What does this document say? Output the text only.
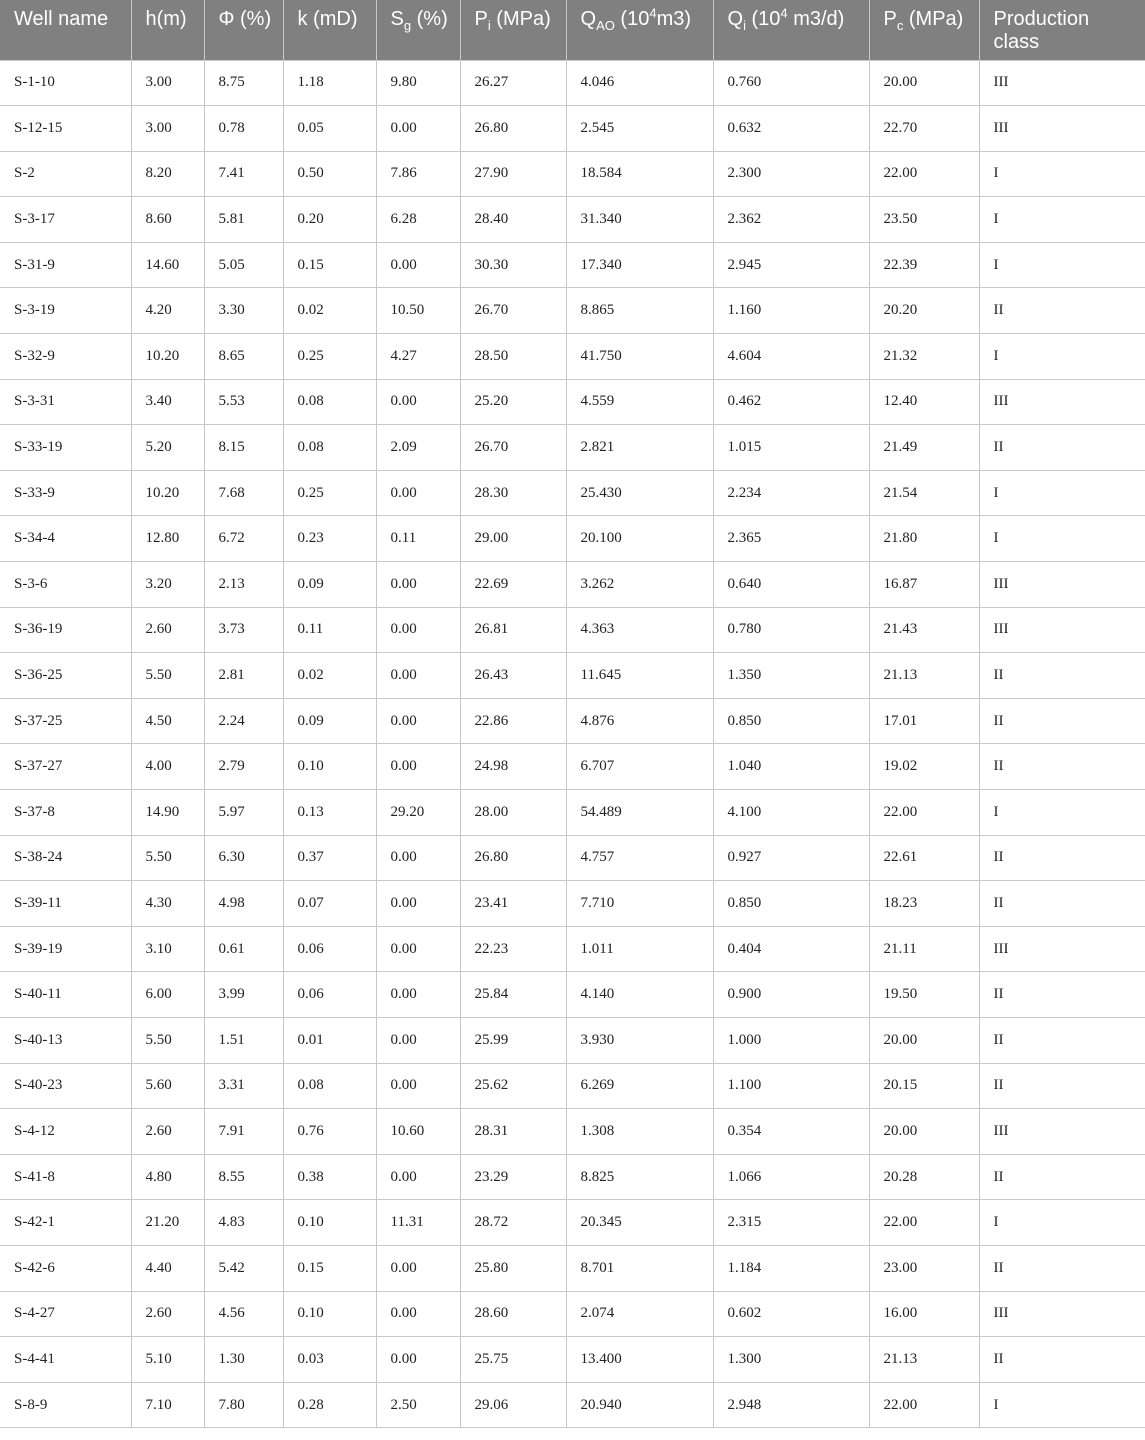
Well name	h(m)	Φ (%)	k (mD)	$S_g$ (%)	$P_i$ (MPa)	$Q_{AO}$ $(10^4m3)$	$Q_i$ ($10^4$ m3/d)	$P_c$ (MPa)	Production class
S-1-10	3.00	8.75	1.18	9.80	26.27	4.046	0.760	20.00	III
S-12-15	3.00	0.78	0.05	0.00	26.80	2.545	0.632	22.70	III
S-2	8.20	7.41	0.50	7.86	27.90	18.584	2.300	22.00	I
S-3-17	8.60	5.81	0.20	6.28	28.40	31.340	2.362	23.50	I
S-31-9	14.60	5.05	0.15	0.00	30.30	17.340	2.945	22.39	I
S-3-19	4.20	3.30	0.02	10.50	26.70	8.865	1.160	20.20	II
S-32-9	10.20	8.65	0.25	4.27	28.50	41.750	4.604	21.32	I
S-3-31	3.40	5.53	0.08	0.00	25.20	4.559	0.462	12.40	III
S-33-19	5.20	8.15	0.08	2.09	26.70	2.821	1.015	21.49	II
S-33-9	10.20	7.68	0.25	0.00	28.30	25.430	2.234	21.54	I
S-34-4	12.80	6.72	0.23	0.11	29.00	20.100	2.365	21.80	I
S-3-6	3.20	2.13	0.09	0.00	22.69	3.262	0.640	16.87	III
S-36-19	2.60	3.73	0.11	0.00	26.81	4.363	0.780	21.43	III
S-36-25	5.50	2.81	0.02	0.00	26.43	11.645	1.350	21.13	II
S-37-25	4.50	2.24	0.09	0.00	22.86	4.876	0.850	17.01	II
S-37-27	4.00	2.79	0.10	0.00	24.98	6.707	1.040	19.02	II
S-37-8	14.90	5.97	0.13	29.20	28.00	54.489	4.100	22.00	I
S-38-24	5.50	6.30	0.37	0.00	26.80	4.757	0.927	22.61	II
S-39-11	4.30	4.98	0.07	0.00	23.41	7.710	0.850	18.23	II
S-39-19	3.10	0.61	0.06	0.00	22.23	1.011	0.404	21.11	III
S-40-11	6.00	3.99	0.06	0.00	25.84	4.140	0.900	19.50	II
S-40-13	5.50	1.51	0.01	0.00	25.99	3.930	1.000	20.00	II
S-40-23	5.60	3.31	0.08	0.00	25.62	6.269	1.100	20.15	II
S-4-12	2.60	7.91	0.76	10.60	28.31	1.308	0.354	20.00	III
S-41-8	4.80	8.55	0.38	0.00	23.29	8.825	1.066	20.28	II
S-42-1	21.20	4.83	0.10	11.31	28.72	20.345	2.315	22.00	I
S-42-6	4.40	5.42	0.15	0.00	25.80	8.701	1.184	23.00	II
S-4-27	2.60	4.56	0.10	0.00	28.60	2.074	0.602	16.00	III
S-4-41	5.10	1.30	0.03	0.00	25.75	13.400	1.300	21.13	II
S-8-9	7.10	7.80	0.28	2.50	29.06	20.940	2.948	22.00	I
